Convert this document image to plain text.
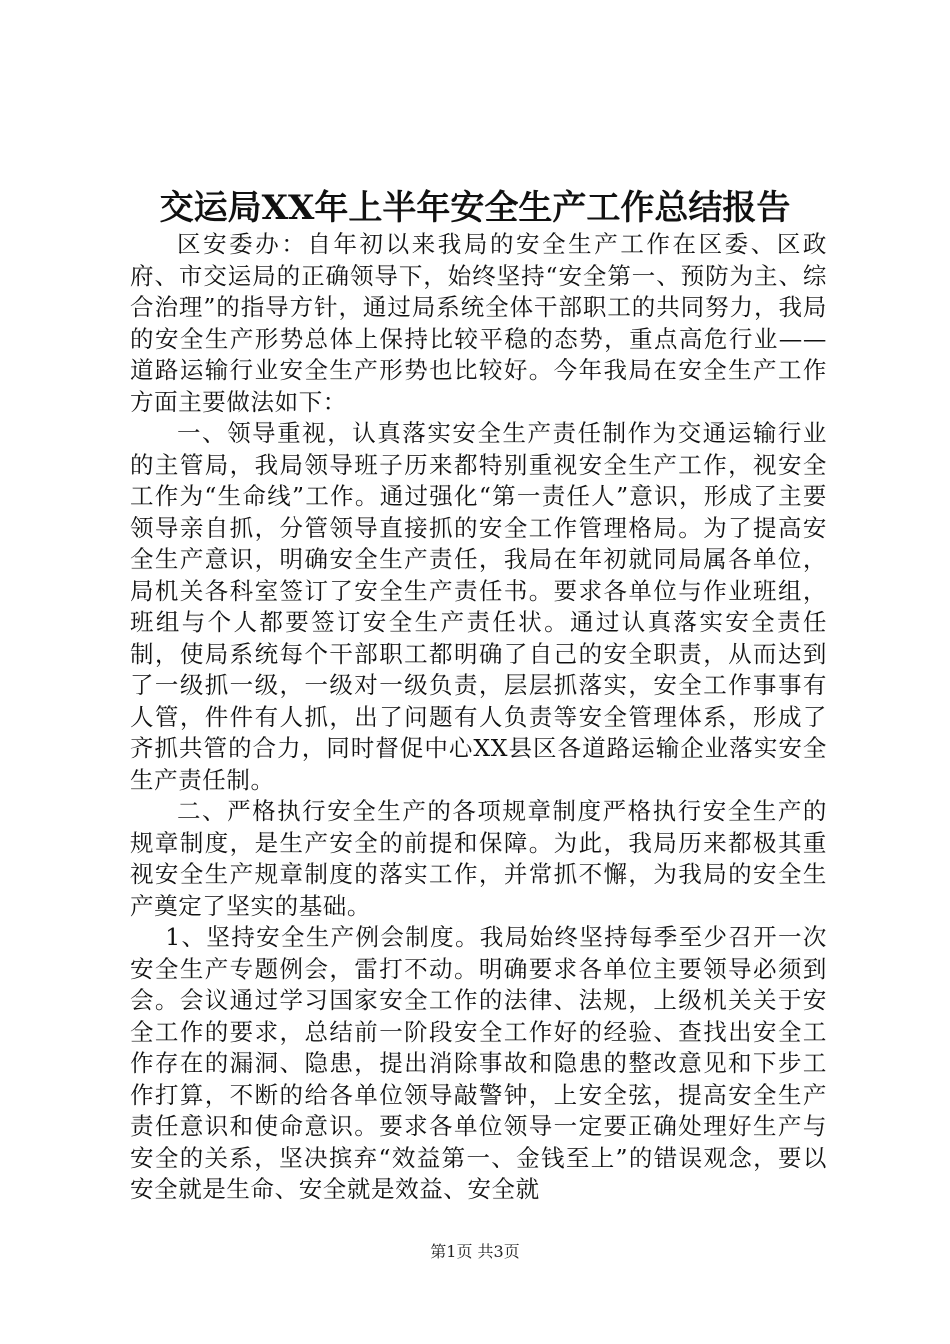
交运局XX年上半年安全生产工作总结报告

区安委办：自年初以来我局的安全生产工作在区委、区政府、市交运局的正确领导下，始终坚持“安全第一、预防为主、综合治理”的指导方针，通过局系统全体干部职工的共同努力，我局的安全生产形势总体上保持比较平稳的态势，重点高危行业——道路运输行业安全生产形势也比较好。今年我局在安全生产工作方面主要做法如下：

一、领导重视，认真落实安全生产责任制作为交通运输行业的主管局，我局领导班子历来都特别重视安全生产工作，视安全工作为“生命线”工作。通过强化“第一责任人”意识，形成了主要领导亲自抓，分管领导直接抓的安全工作管理格局。为了提高安全生产意识，明确安全生产责任，我局在年初就同局属各单位，局机关各科室签订了安全生产责任书。要求各单位与作业班组，班组与个人都要签订安全生产责任状。通过认真落实安全责任制，使局系统每个干部职工都明确了自己的安全职责，从而达到了一级抓一级，一级对一级负责，层层抓落实，安全工作事事有人管，件件有人抓，出了问题有人负责等安全管理体系，形成了齐抓共管的合力，同时督促中心XX县区各道路运输企业落实安全生产责任制。

二、严格执行安全生产的各项规章制度严格执行安全生产的规章制度，是生产安全的前提和保障。为此，我局历来都极其重视安全生产规章制度的落实工作，并常抓不懈，为我局的安全生产奠定了坚实的基础。

1、坚持安全生产例会制度。我局始终坚持每季至少召开一次安全生产专题例会，雷打不动。明确要求各单位主要领导必须到会。会议通过学习国家安全工作的法律、法规，上级机关关于安全工作的要求，总结前一阶段安全工作好的经验、查找出安全工作存在的漏洞、隐患，提出消除事故和隐患的整改意见和下步工作打算，不断的给各单位领导敲警钟，上安全弦，提高安全生产责任意识和使命意识。要求各单位领导一定要正确处理好生产与安全的关系，坚决摈弃“效益第一、金钱至上”的错误观念，要以安全就是生命、安全就是效益、安全就

第1页 共3页
